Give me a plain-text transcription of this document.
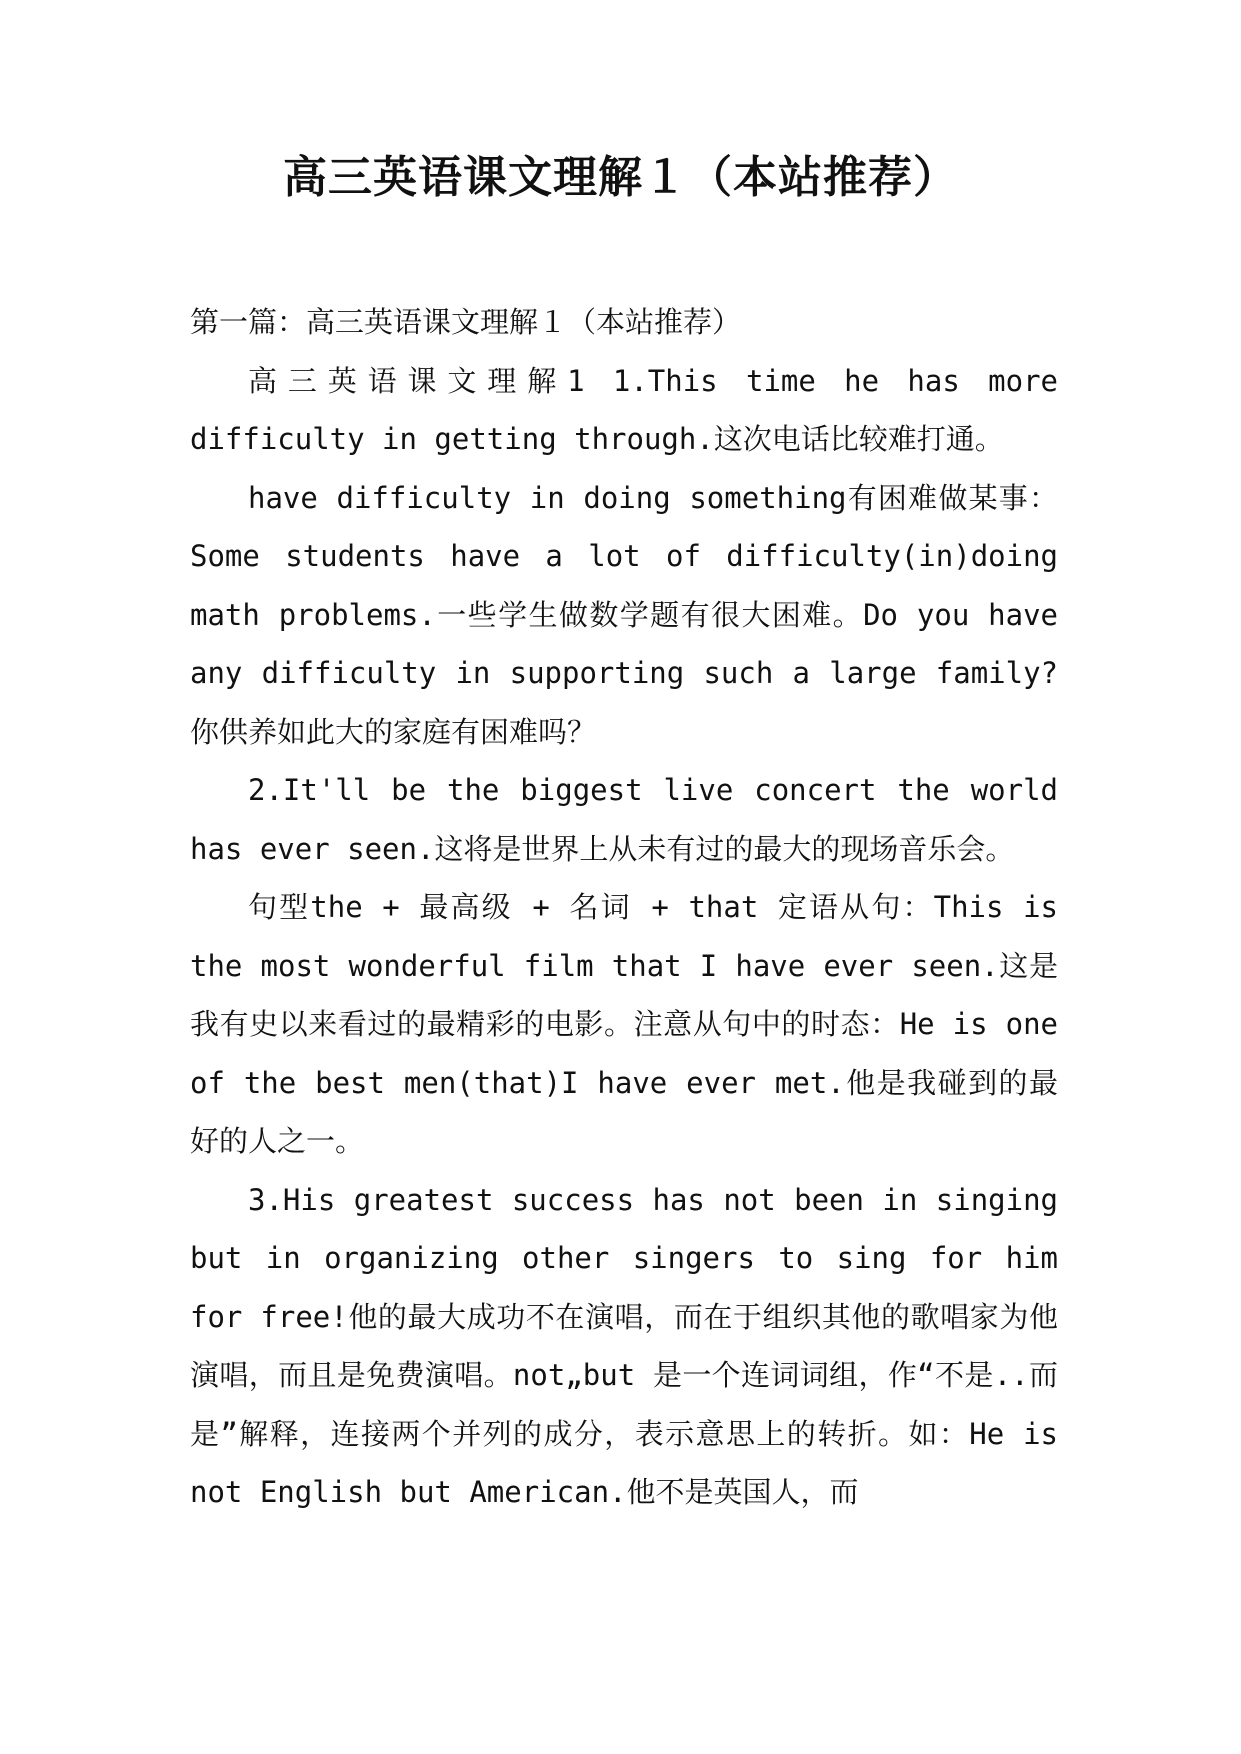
高三英语课文理解１（本站推荐）

第一篇：高三英语课文理解１（本站推荐）

高三英语课文理解1 1.This time he has more difficulty in getting through.这次电话比较难打通。

have difficulty in doing something有困难做某事：Some students have a lot of difficulty(in)doing math problems.一些学生做数学题有很大困难。Do you have any difficulty in supporting such a large family? 你供养如此大的家庭有困难吗？

2.It'll be the biggest live concert the world has ever seen.这将是世界上从未有过的最大的现场音乐会。

句型the + 最高级 + 名词 + that 定语从句：This is the most wonderful film that I have ever seen.这是我有史以来看过的最精彩的电影。注意从句中的时态：He is one of the best men(that)I have ever met.他是我碰到的最好的人之一。

3.His greatest success has not been in singing but in organizing other singers to sing for him for free!他的最大成功不在演唱，而在于组织其他的歌唱家为他演唱，而且是免费演唱。not„but 是一个连词词组，作“不是..而是”解释，连接两个并列的成分，表示意思上的转折。如：He is not English but American.他不是英国人，而
